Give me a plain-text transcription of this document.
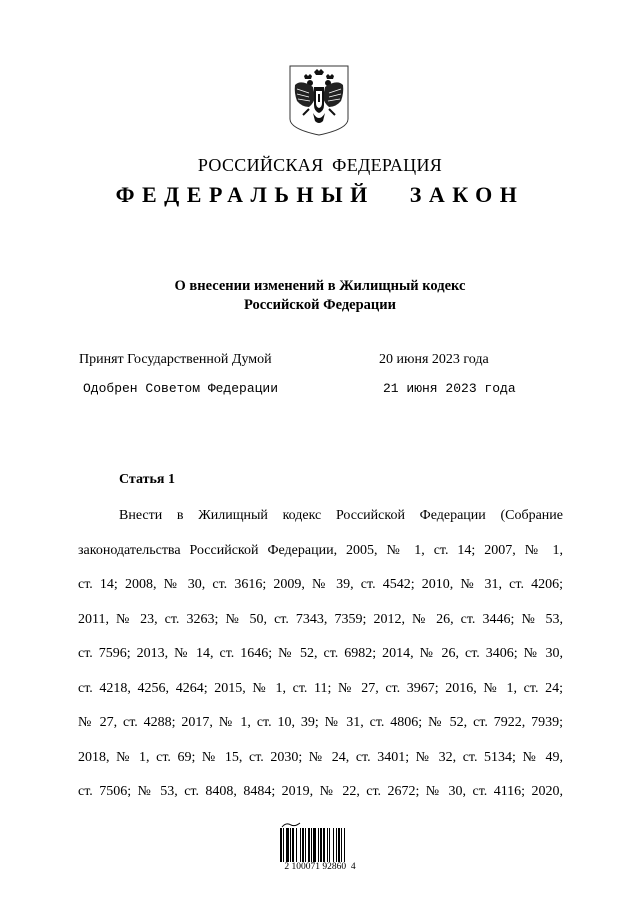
РОССИЙСКАЯ ФЕДЕРАЦИЯ
ФЕДЕРАЛЬНЫЙ ЗАКОН
О внесении изменений в Жилищный кодекс
Российской Федерации
Принят Государственной Думой	20 июня 2023 года
Одобрен Советом Федерации	21 июня 2023 года
Статья 1
Внести в Жилищный кодекс Российской Федерации (Собрание
законодательства Российской Федерации, 2005, № 1, ст. 14; 2007, № 1,
ст. 14; 2008, № 30, ст. 3616; 2009, № 39, ст. 4542; 2010, № 31, ст. 4206;
2011, № 23, ст. 3263; № 50, ст. 7343, 7359; 2012, № 26, ст. 3446; № 53,
ст. 7596; 2013, № 14, ст. 1646; № 52, ст. 6982; 2014, № 26, ст. 3406; № 30,
ст. 4218, 4256, 4264; 2015, № 1, ст. 11; № 27, ст. 3967; 2016, № 1, ст. 24;
№ 27, ст. 4288; 2017, № 1, ст. 10, 39; № 31, ст. 4806; № 52, ст. 7922, 7939;
2018, № 1, ст. 69; № 15, ст. 2030; № 24, ст. 3401; № 32, ст. 5134; № 49,
ст. 7506; № 53, ст. 8408, 8484; 2019, № 22, ст. 2672; № 30, ст. 4116; 2020,
2 100071 92860  4
